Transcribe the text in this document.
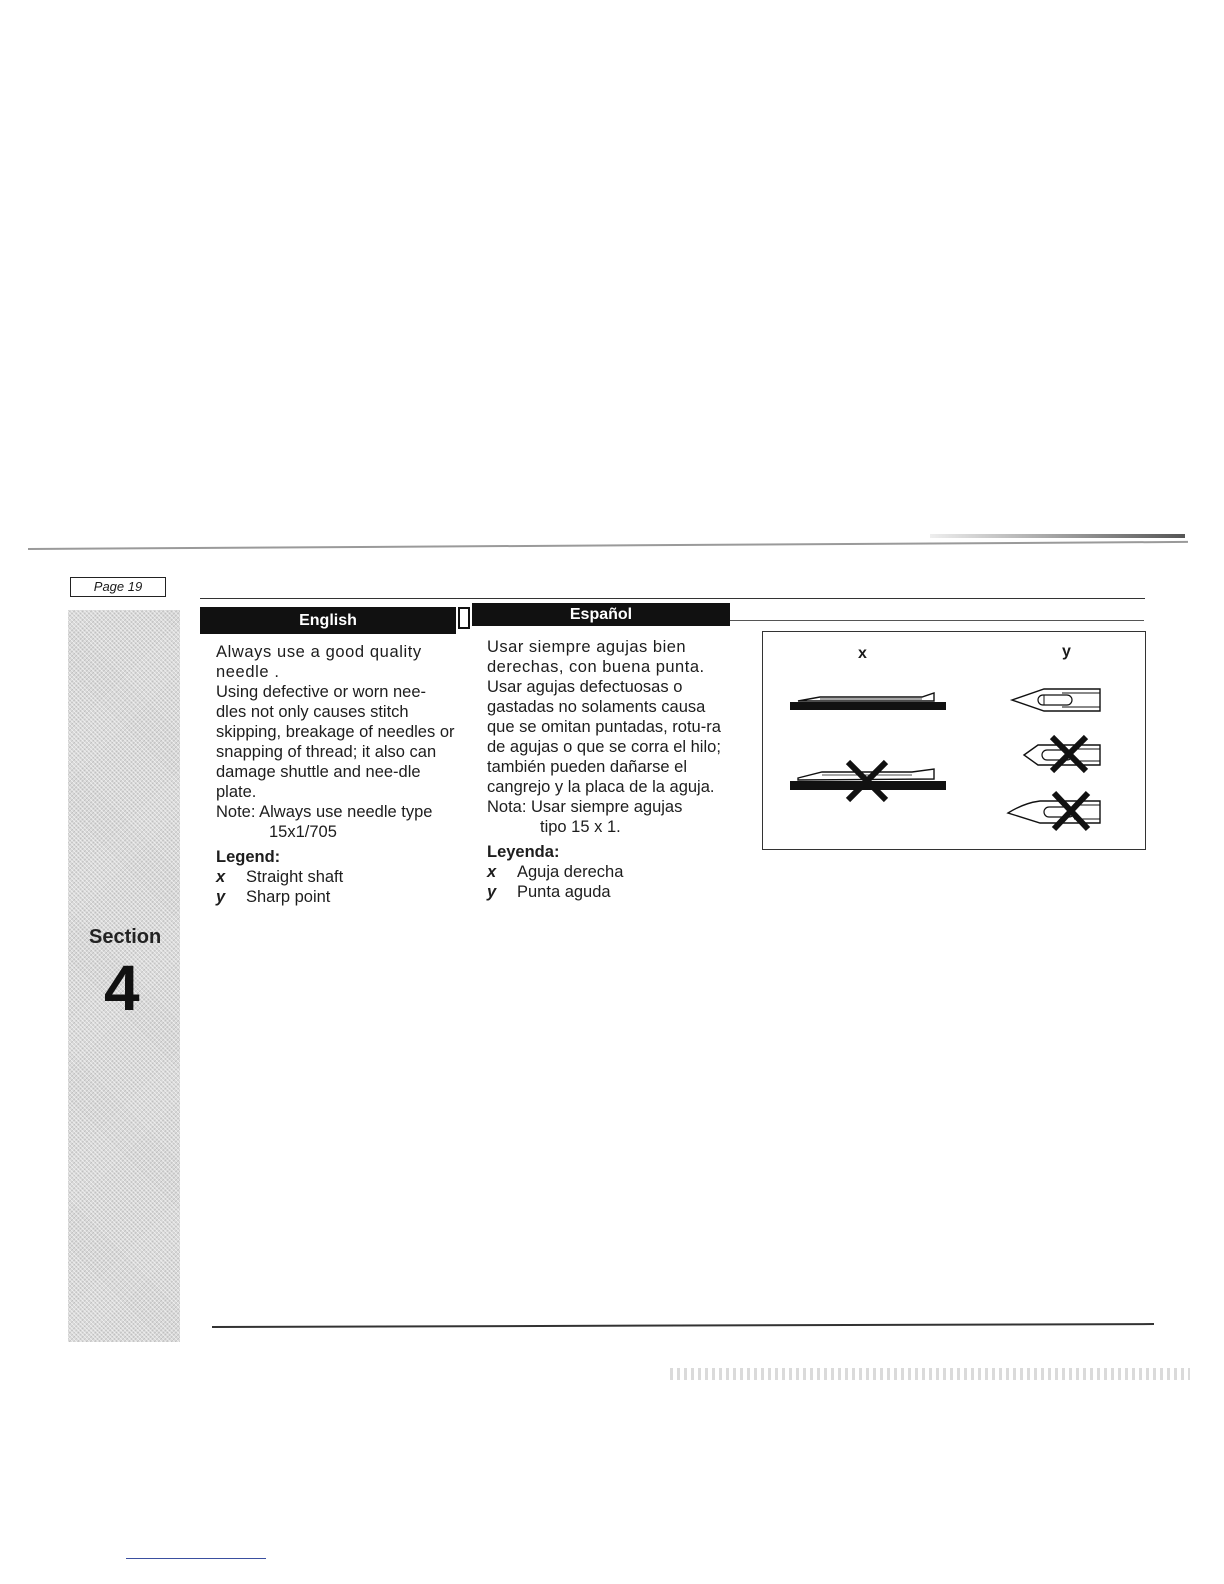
Page 19
English	Español
Section
4

Always use a good quality needle .

Using defective or worn nee-dles not only causes stitch skipping, breakage of needles or snapping of thread; it also can damage shuttle and nee-dle plate.

Note: Always use needle type

15x1/705

Legend:

x	Straight shaft
y	Sharp point

Usar siempre agujas bien derechas, con buena punta.

Usar agujas defectuosas o gastadas no solaments causa que se omitan puntadas, rotu-ra de agujas o que se corra el hilo; también pueden dañarse el cangrejo y la placa de la aguja.

Nota: Usar siempre agujas

tipo 15 x 1.

Leyenda:

x	Aguja derecha
y	Punta aguda
x	y
